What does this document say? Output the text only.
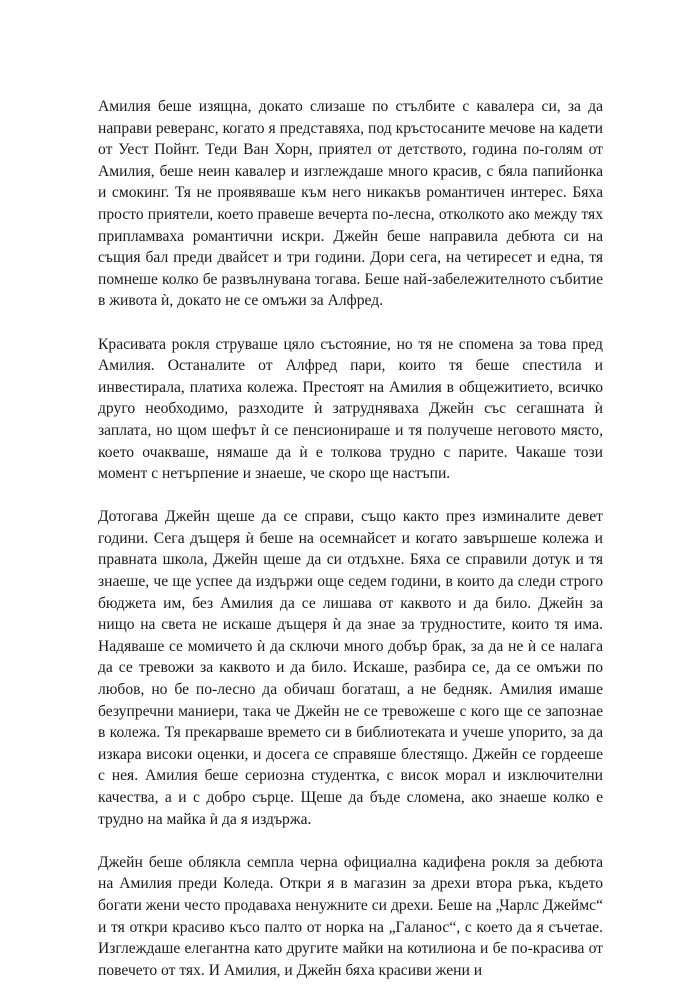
Амилия беше изящна, докато слизаше по стълбите с кавалера си, за да направи реверанс, когато я представяха, под кръстосаните мечове на кадети от Уест Пойнт. Теди Ван Хорн, приятел от детството, година по-голям от Амилия, беше неин кавалер и изглеждаше много красив, с бяла папийонка и смокинг. Тя не проявяваше към него никакъв романтичен интерес. Бяха просто приятели, което правеше вечерта по-лесна, отколкото ако между тях припламваха романтични искри. Джейн беше направила дебюта си на същия бал преди двайсет и три години. Дори сега, на четиресет и една, тя помнеше колко бе развълнувана тогава. Беше най-забележителното събитие в живота ѝ, докато не се омъжи за Алфред.

Красивата рокля струваше цяло състояние, но тя не спомена за това пред Амилия. Останалите от Алфред пари, които тя беше спестила и инвестирала, платиха колежа. Престоят на Амилия в общежитието, всичко друго необходимо, разходите ѝ затрудняваха Джейн със сегашната ѝ заплата, но щом шефът ѝ се пенсионираше и тя получеше неговото място, което очакваше, нямаше да ѝ е толкова трудно с парите. Чакаше този момент с нетърпение и знаеше, че скоро ще настъпи.

Дотогава Джейн щеше да се справи, също както през изминалите девет години. Сега дъщеря ѝ беше на осемнайсет и когато завършеше колежа и правната школа, Джейн щеше да си отдъхне. Бяха се справили дотук и тя знаеше, че ще успее да издържи още седем години, в които да следи строго бюджета им, без Амилия да се лишава от каквото и да било. Джейн за нищо на света не искаше дъщеря ѝ да знае за трудностите, които тя има. Надяваше се момичето ѝ да сключи много добър брак, за да не ѝ се налага да се тревожи за каквото и да било. Искаше, разбира се, да се омъжи по любов, но бе по-лесно да обичаш богаташ, а не бедняк. Амилия имаше безупречни маниери, така че Джейн не се тревожеше с кого ще се запознае в колежа. Тя прекарваше времето си в библиотеката и учеше упорито, за да изкара високи оценки, и досега се справяше блестящо. Джейн се гордееше с нея. Амилия беше сериозна студентка, с висок морал и изключителни качества, а и с добро сърце. Щеше да бъде сломена, ако знаеше колко е трудно на майка ѝ да я издържа.

Джейн беше облякла семпла черна официална кадифена рокля за дебюта на Амилия преди Коледа. Откри я в магазин за дрехи втора ръка, където богати жени често продаваха ненужните си дрехи. Беше на „Чарлс Джеймс“ и тя откри красиво късо палто от норка на „Галанос“, с което да я съчетае. Изглеждаше елегантна като другите майки на котилиона и бе по-красива от повечето от тях. И Амилия, и Джейн бяха красиви жени и
